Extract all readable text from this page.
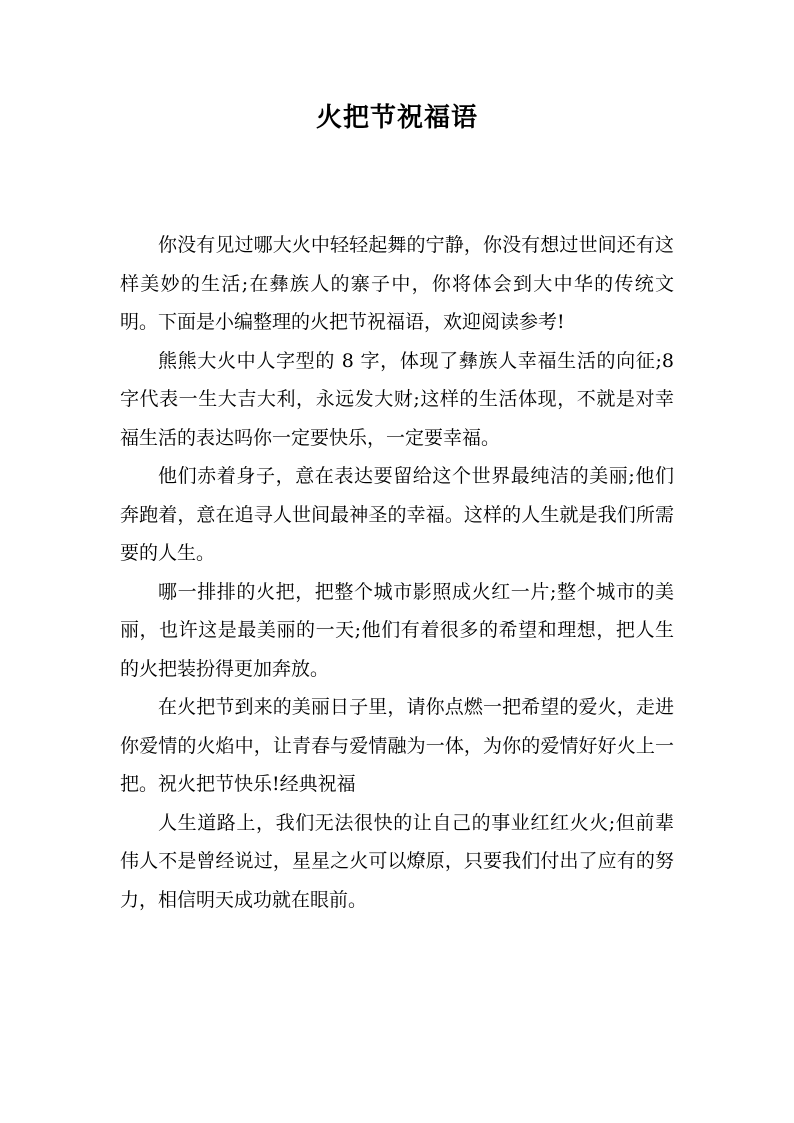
火把节祝福语

你没有见过哪大火中轻轻起舞的宁静，你没有想过世间还有这样美妙的生活;在彝族人的寨子中，你将体会到大中华的传统文明。下面是小编整理的火把节祝福语，欢迎阅读参考!

熊熊大火中人字型的 8 字，体现了彝族人幸福生活的向征;8 字代表一生大吉大利，永远发大财;这样的生活体现，不就是对幸福生活的表达吗你一定要快乐，一定要幸福。

他们赤着身子，意在表达要留给这个世界最纯洁的美丽;他们奔跑着，意在追寻人世间最神圣的幸福。这样的人生就是我们所需要的人生。

哪一排排的火把，把整个城市影照成火红一片;整个城市的美丽，也许这是最美丽的一天;他们有着很多的希望和理想，把人生的火把装扮得更加奔放。

在火把节到来的美丽日子里，请你点燃一把希望的爱火，走进你爱情的火焰中，让青春与爱情融为一体，为你的爱情好好火上一把。祝火把节快乐!经典祝福

人生道路上，我们无法很快的让自己的事业红红火火;但前辈伟人不是曾经说过，星星之火可以燎原，只要我们付出了应有的努力，相信明天成功就在眼前。
